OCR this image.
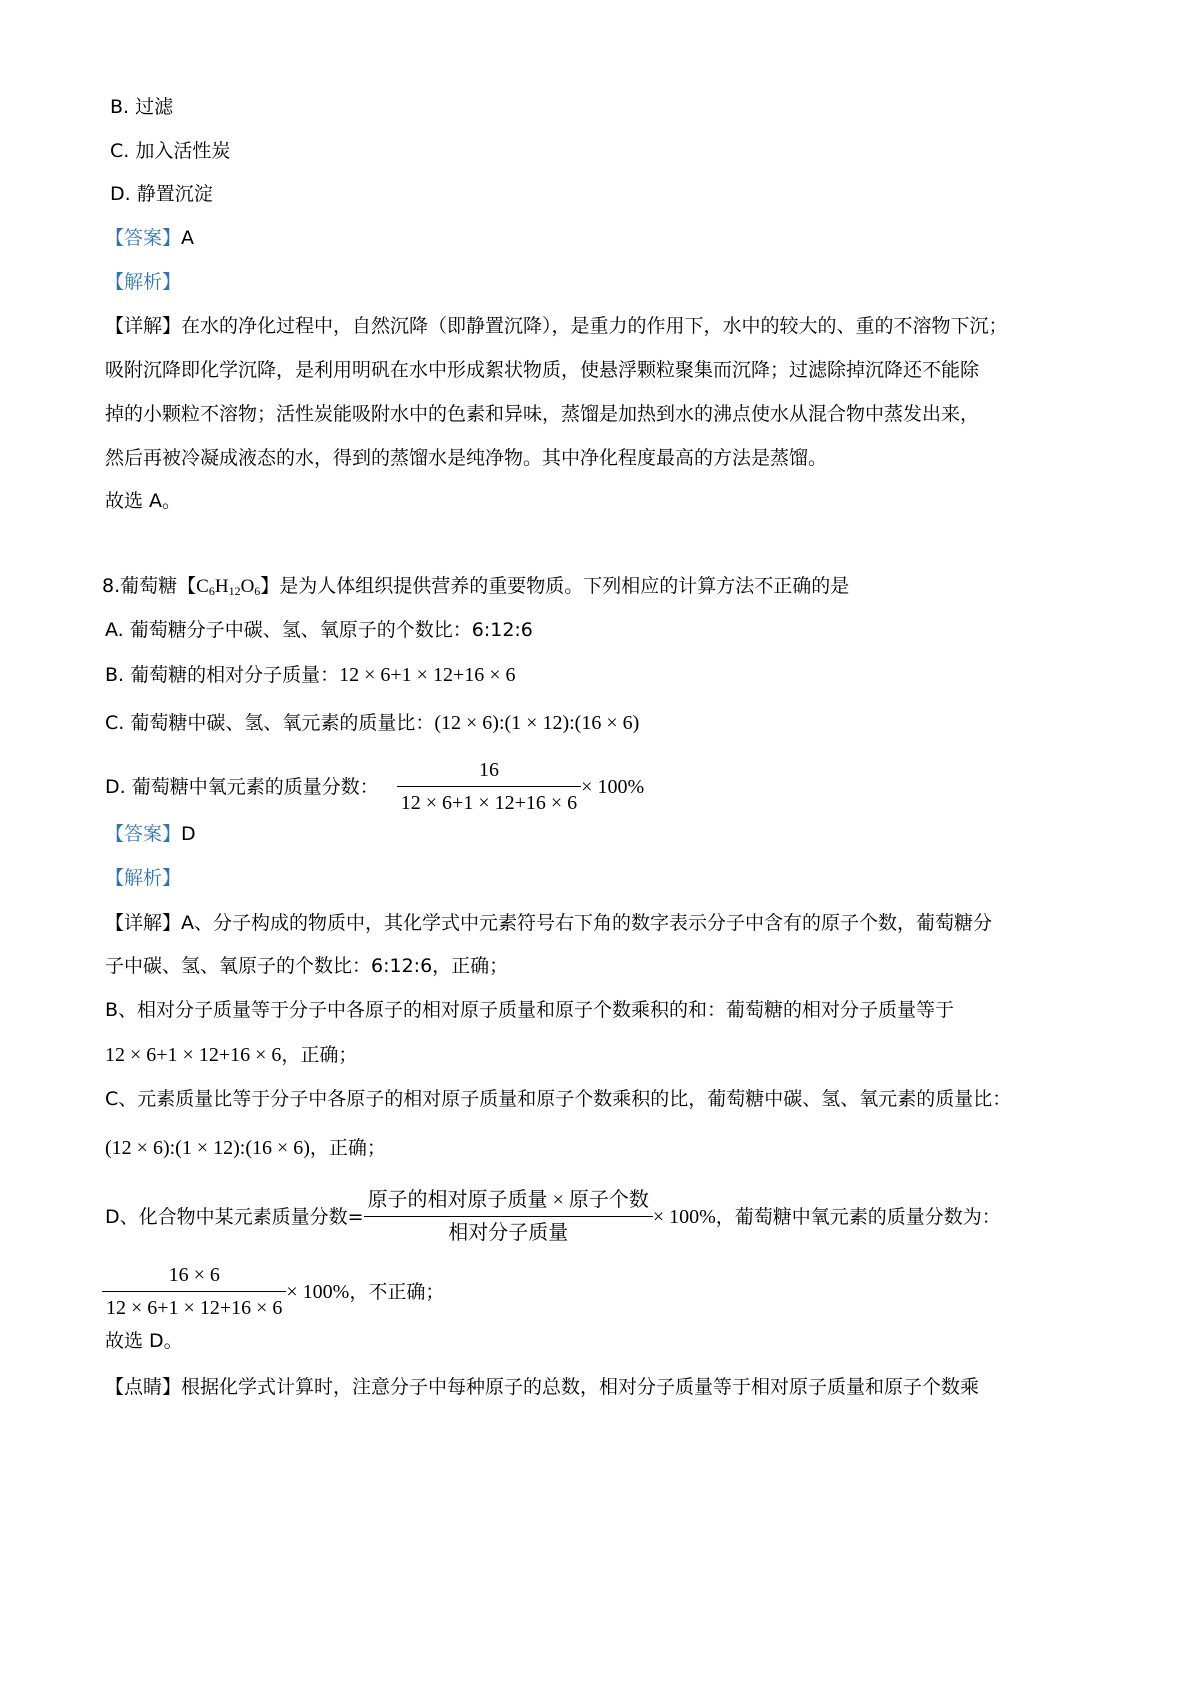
B. 过滤
C. 加入活性炭
D. 静置沉淀
【答案】A
【解析】
【详解】在水的净化过程中，自然沉降（即静置沉降），是重力的作用下，水中的较大的、重的不溶物下沉；
吸附沉降即化学沉降，是利用明矾在水中形成絮状物质，使悬浮颗粒聚集而沉降；过滤除掉沉降还不能除
掉的小颗粒不溶物；活性炭能吸附水中的色素和异味，蒸馏是加热到水的沸点使水从混合物中蒸发出来，
然后再被冷凝成液态的水，得到的蒸馏水是纯净物。其中净化程度最高的方法是蒸馏。
故选 A。
8.葡萄糖【$C_6H_{12}O_6$】是为人体组织提供营养的重要物质。下列相应的计算方法不正确的是
A. 葡萄糖分子中碳、氢、氧原子的个数比：6:12:6
B. 葡萄糖的相对分子质量：12 × 6+1 × 12+16 × 6
C. 葡萄糖中碳、氢、氧元素的质量比：(12 × 6):(1 × 12):(16 × 6)
D. 葡萄糖中氧元素的质量分数： $\frac{16}{12 \times 6+1 \times 12+16 \times 6} \times 100\%$
【答案】D
【解析】
【详解】A、分子构成的物质中，其化学式中元素符号右下角的数字表示分子中含有的原子个数，葡萄糖分
子中碳、氢、氧原子的个数比：6:12:6，正确；
B、相对分子质量等于分子中各原子的相对原子质量和原子个数乘积的和：葡萄糖的相对分子质量等于
12 × 6+1 × 12+16 × 6，正确；
C、元素质量比等于分子中各原子的相对原子质量和原子个数乘积的比，葡萄糖中碳、氢、氧元素的质量比：
(12 × 6):(1 × 12):(16 × 6)，正确；
D、化合物中某元素质量分数= $\frac{\text{原子的相对原子质量 × 原子个数}}{\text{相对分子质量}} \times 100\%$，葡萄糖中氧元素的质量分数为：
$\frac{16 \times 6}{12 \times 6+1 \times 12+16 \times 6} \times 100\%$，不正确；
故选 D。
【点睛】根据化学式计算时，注意分子中每种原子的总数，相对分子质量等于相对原子质量和原子个数乘
